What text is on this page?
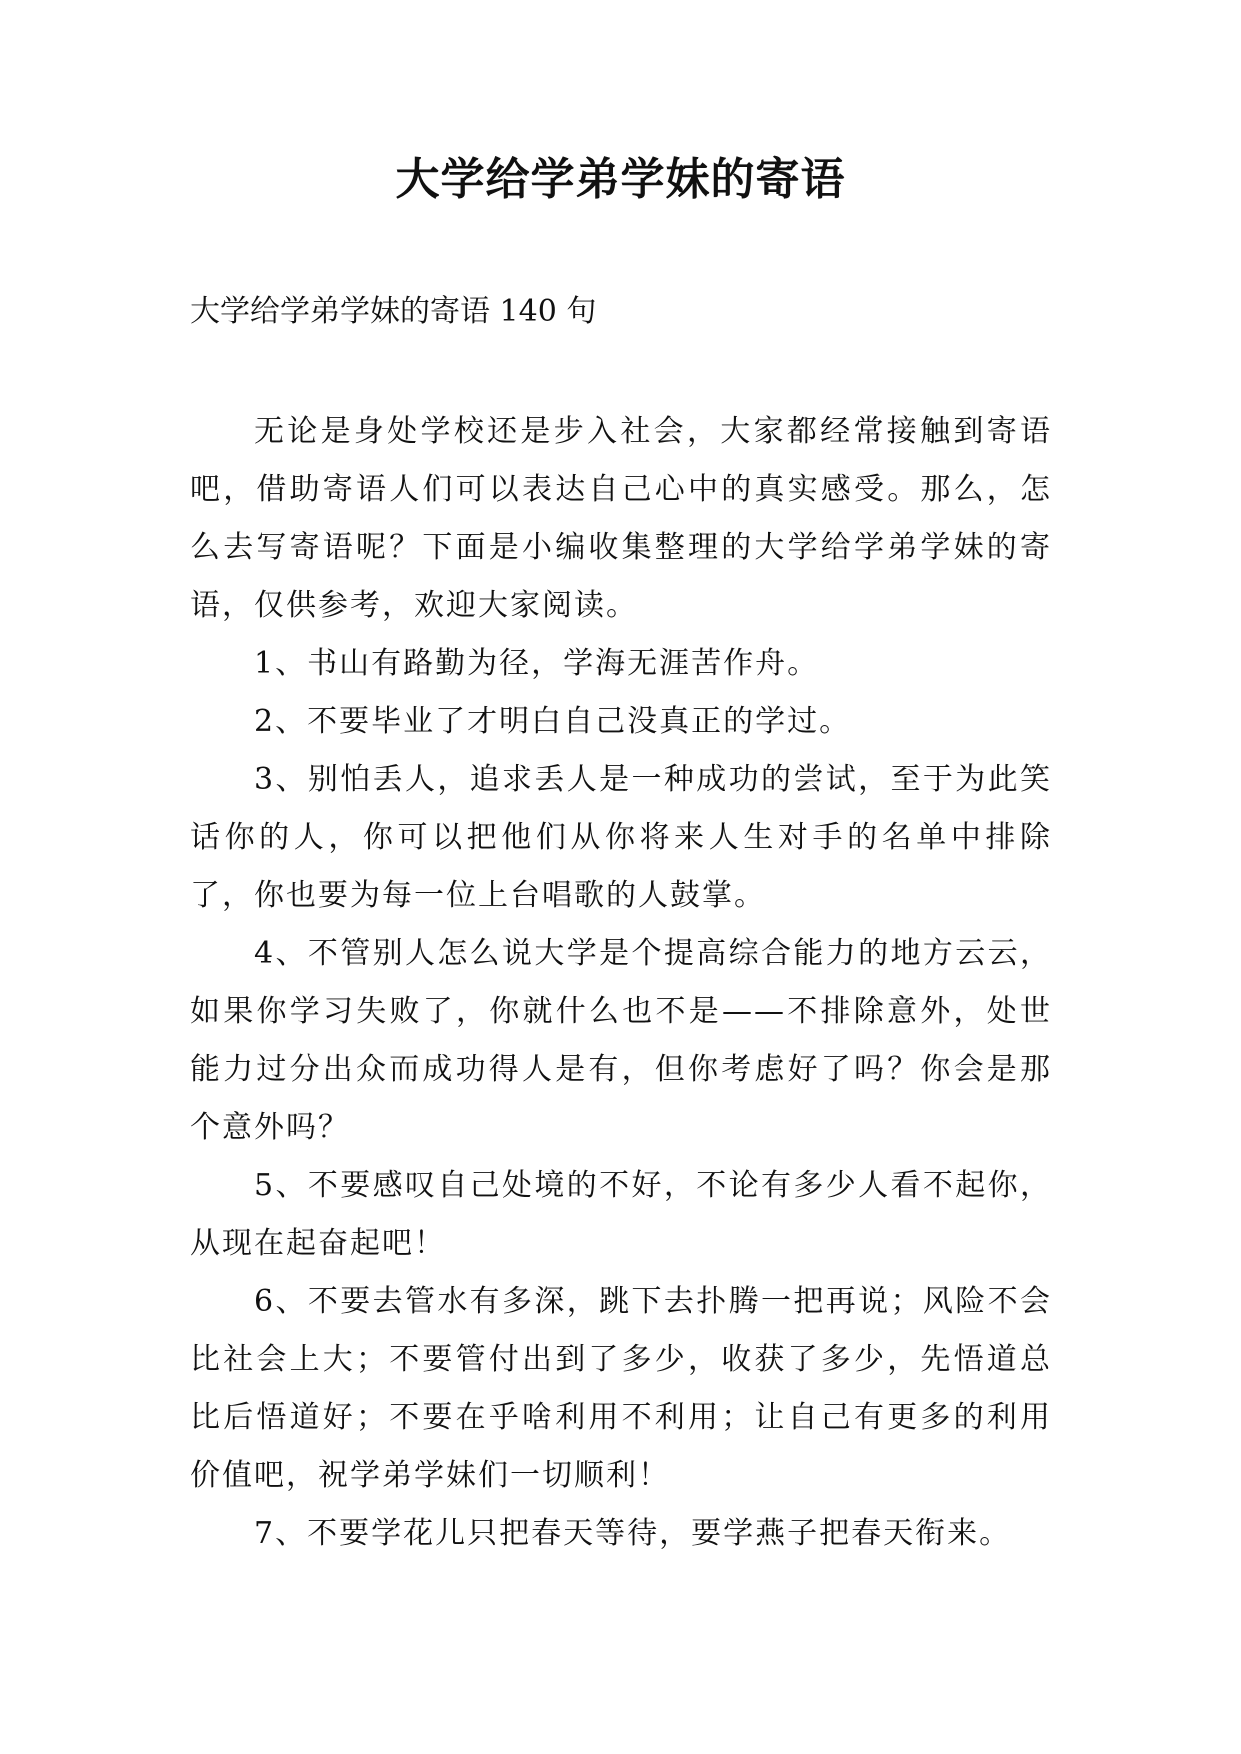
大学给学弟学妹的寄语

大学给学弟学妹的寄语 140 句

无论是身处学校还是步入社会，大家都经常接触到寄语吧，借助寄语人们可以表达自己心中的真实感受。那么，怎么去写寄语呢？下面是小编收集整理的大学给学弟学妹的寄语，仅供参考，欢迎大家阅读。

1、书山有路勤为径，学海无涯苦作舟。

2、不要毕业了才明白自己没真正的学过。

3、别怕丢人，追求丢人是一种成功的尝试，至于为此笑话你的人，你可以把他们从你将来人生对手的名单中排除了，你也要为每一位上台唱歌的人鼓掌。

4、不管别人怎么说大学是个提高综合能力的地方云云，如果你学习失败了，你就什么也不是——不排除意外，处世能力过分出众而成功得人是有，但你考虑好了吗？你会是那个意外吗？

5、不要感叹自己处境的不好，不论有多少人看不起你，从现在起奋起吧！

6、不要去管水有多深，跳下去扑腾一把再说；风险不会比社会上大；不要管付出到了多少，收获了多少，先悟道总比后悟道好；不要在乎啥利用不利用；让自己有更多的利用价值吧，祝学弟学妹们一切顺利！

7、不要学花儿只把春天等待，要学燕子把春天衔来。
